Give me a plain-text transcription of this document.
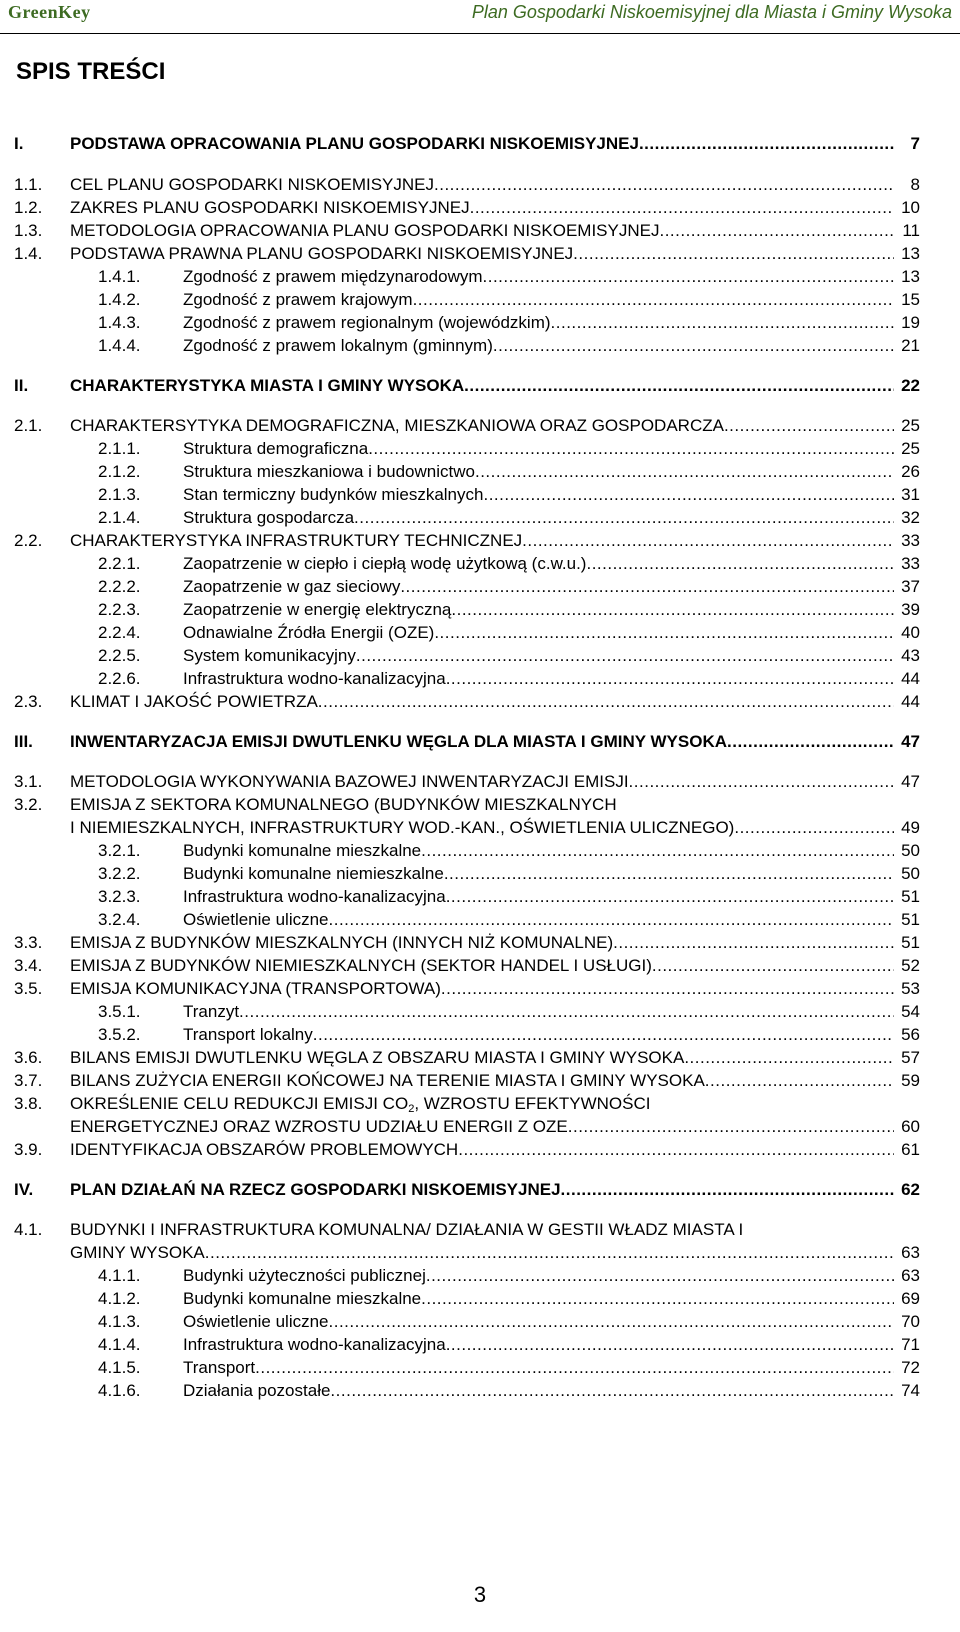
GreenKey	Plan Gospodarki Niskoemisyjnej dla Miasta i Gminy Wysoka
SPIS TREŚCI
I.	PODSTAWA OPRACOWANIA PLANU GOSPODARKI NISKOEMISYJNEJ .....	7
1.1. CEL PLANU GOSPODARKI NISKOEMISYJNEJ .....	8
1.2. ZAKRES PLANU GOSPODARKI NISKOEMISYJNEJ .....	10
1.3. METODOLOGIA OPRACOWANIA PLANU GOSPODARKI NISKOEMISYJNEJ .....	11
1.4. PODSTAWA PRAWNA PLANU GOSPODARKI NISKOEMISYJNEJ .....	13
1.4.1. Zgodność z prawem międzynarodowym .....	13
1.4.2. Zgodność z prawem krajowym .....	15
1.4.3. Zgodność z prawem regionalnym (wojewódzkim) .....	19
1.4.4. Zgodność z prawem lokalnym (gminnym) .....	21
II. CHARAKTERYSTYKA MIASTA I GMINY WYSOKA .....	22
2.1. CHARAKTERSYTYKA DEMOGRAFICZNA, MIESZKANIOWA ORAZ GOSPODARCZA .....	25
2.1.1. Struktura demograficzna .....	25
2.1.2. Struktura mieszkaniowa i budownictwo .....	26
2.1.3. Stan termiczny budynków mieszkalnych .....	31
2.1.4. Struktura gospodarcza .....	32
2.2. CHARAKTERYSTYKA INFRASTRUKTURY TECHNICZNEJ .....	33
2.2.1. Zaopatrzenie w ciepło i ciepłą wodę użytkową (c.w.u.) .....	33
2.2.2. Zaopatrzenie w gaz sieciowy .....	37
2.2.3. Zaopatrzenie w energię elektryczną .....	39
2.2.4. Odnawialne Źródła Energii (OZE) .....	40
2.2.5. System komunikacyjny .....	43
2.2.6. Infrastruktura wodno-kanalizacyjna .....	44
2.3. KLIMAT I JAKOŚĆ POWIETRZA .....	44
III. INWENTARYZACJA EMISJI DWUTLENKU WĘGLA DLA MIASTA I GMINY WYSOKA .....	47
3.1. METODOLOGIA WYKONYWANIA BAZOWEJ INWENTARYZACJI EMISJI .....	47
3.2. EMISJA Z SEKTORA KOMUNALNEGO (BUDYNKÓW MIESZKALNYCH
I NIEMIESZKALNYCH, INFRASTRUKTURY WOD.-KAN., OŚWIETLENIA ULICZNEGO) .....	49
3.2.1. Budynki komunalne mieszkalne .....	50
3.2.2. Budynki komunalne niemieszkalne .....	50
3.2.3. Infrastruktura wodno-kanalizacyjna .....	51
3.2.4. Oświetlenie uliczne .....	51
3.3. EMISJA Z BUDYNKÓW MIESZKALNYCH (INNYCH NIŻ KOMUNALNE) .....	51
3.4. EMISJA Z BUDYNKÓW NIEMIESZKALNYCH (SEKTOR HANDEL I USŁUGI) .....	52
3.5. EMISJA KOMUNIKACYJNA (TRANSPORTOWA) .....	53
3.5.1. Tranzyt .....	54
3.5.2. Transport lokalny .....	56
3.6. BILANS EMISJI DWUTLENKU WĘGLA Z OBSZARU MIASTA I GMINY WYSOKA .....	57
3.7. BILANS ZUŻYCIA ENERGII KOŃCOWEJ NA TERENIE MIASTA I GMINY WYSOKA .....	59
3.8. OKREŚLENIE CELU REDUKCJI EMISJI $CO_2$, WZROSTU EFEKTYWNOŚCI
ENERGETYCZNEJ ORAZ WZROSTU UDZIAŁU ENERGII Z OZE .....	60
3.9. IDENTYFIKACJA OBSZARÓW PROBLEMOWYCH .....	61
IV. PLAN DZIAŁAŃ NA RZECZ GOSPODARKI NISKOEMISYJNEJ .....	62
4.1. BUDYNKI I INFRASTRUKTURA KOMUNALNA/ DZIAŁANIA W GESTII WŁADZ MIASTA I
GMINY WYSOKA .....	63
4.1.1. Budynki użyteczności publicznej .....	63
4.1.2. Budynki komunalne mieszkalne .....	69
4.1.3. Oświetlenie uliczne .....	70
4.1.4. Infrastruktura wodno-kanalizacyjna .....	71
4.1.5. Transport .....	72
4.1.6. Działania pozostałe .....	74
3
